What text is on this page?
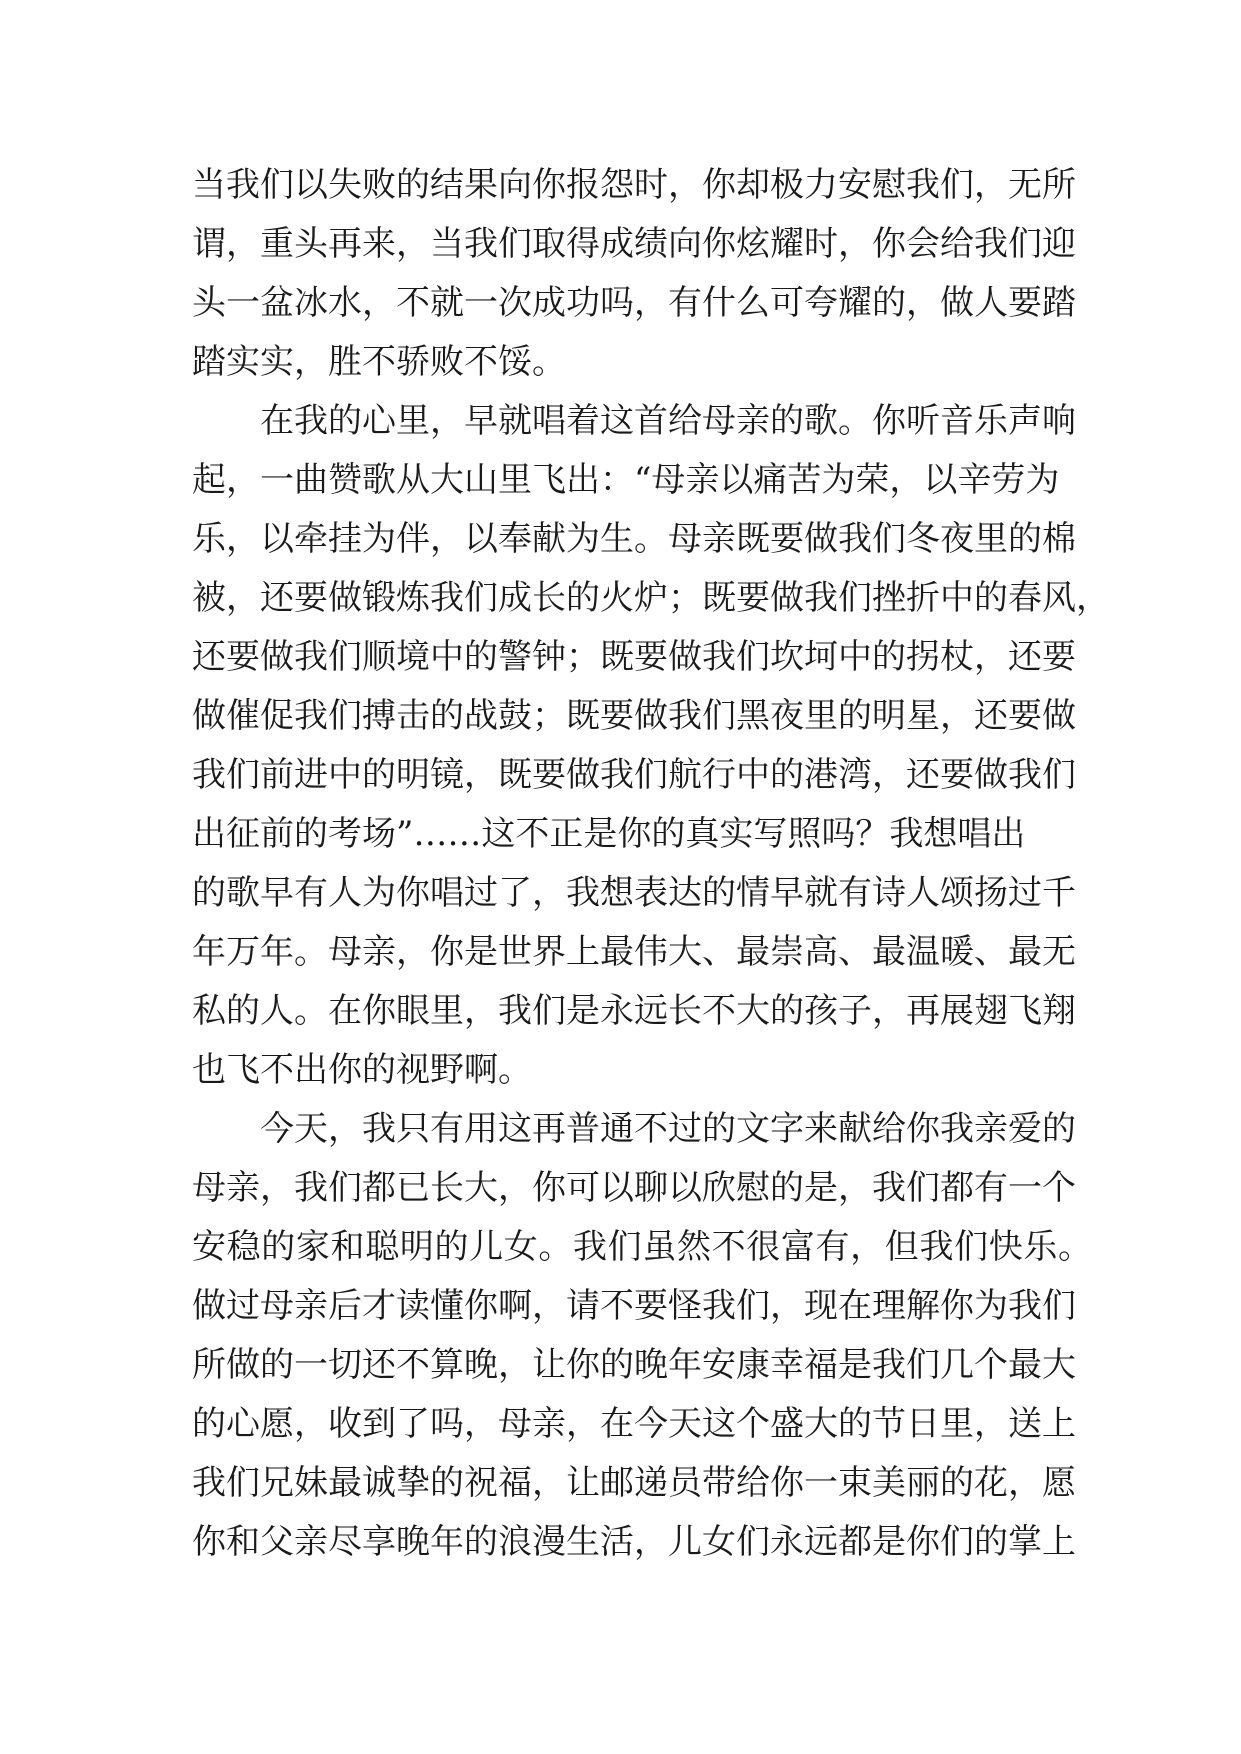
当我们以失败的结果向你报怨时，你却极力安慰我们，无所
谓，重头再来，当我们取得成绩向你炫耀时，你会给我们迎
头一盆冰水，不就一次成功吗，有什么可夸耀的，做人要踏
踏实实，胜不骄败不馁。
在我的心里，早就唱着这首给母亲的歌。你听音乐声响
起，一曲赞歌从大山里飞出：“母亲以痛苦为荣，以辛劳为
乐，以牵挂为伴，以奉献为生。母亲既要做我们冬夜里的棉
被，还要做锻炼我们成长的火炉；既要做我们挫折中的春风，
还要做我们顺境中的警钟；既要做我们坎坷中的拐杖，还要
做催促我们搏击的战鼓；既要做我们黑夜里的明星，还要做
我们前进中的明镜，既要做我们航行中的港湾，还要做我们
出征前的考场”……这不正是你的真实写照吗？我想唱出
的歌早有人为你唱过了，我想表达的情早就有诗人颂扬过千
年万年。母亲，你是世界上最伟大、最崇高、最温暖、最无
私的人。在你眼里，我们是永远长不大的孩子，再展翅飞翔
也飞不出你的视野啊。
今天，我只有用这再普通不过的文字来献给你我亲爱的
母亲，我们都已长大，你可以聊以欣慰的是，我们都有一个
安稳的家和聪明的儿女。我们虽然不很富有，但我们快乐。
做过母亲后才读懂你啊，请不要怪我们，现在理解你为我们
所做的一切还不算晚，让你的晚年安康幸福是我们几个最大
的心愿，收到了吗，母亲，在今天这个盛大的节日里，送上
我们兄妹最诚挚的祝福，让邮递员带给你一束美丽的花，愿
你和父亲尽享晚年的浪漫生活，儿女们永远都是你们的掌上
